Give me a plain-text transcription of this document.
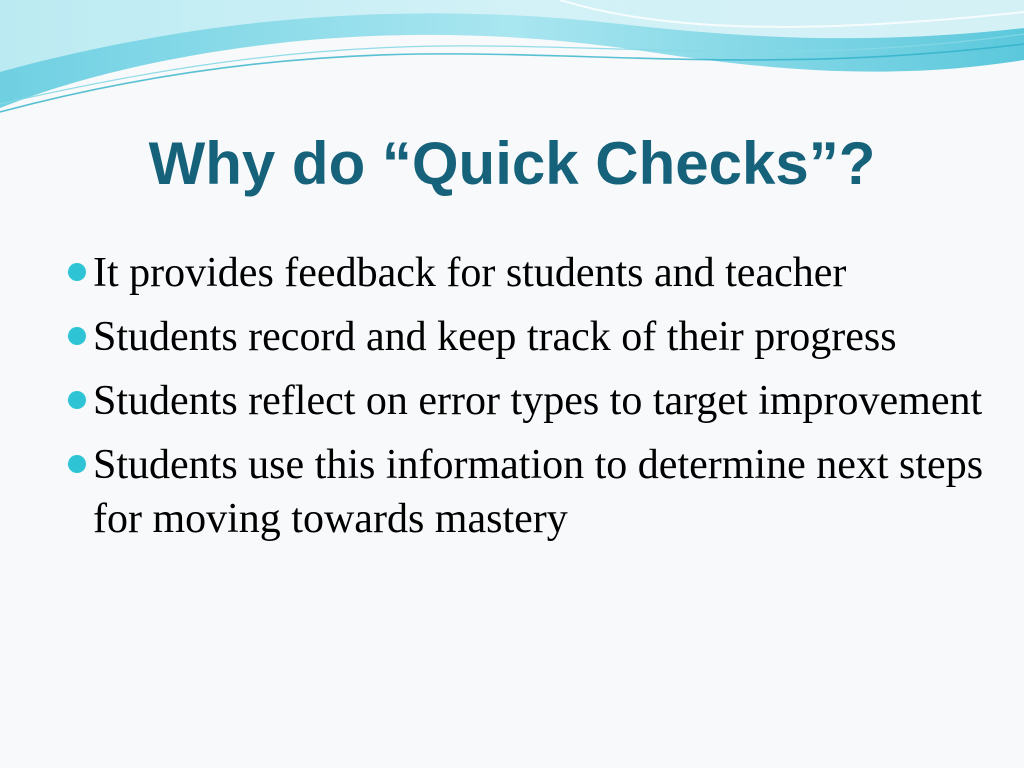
Why do “Quick Checks”?
It provides feedback for students and teacher
Students record and keep track of their progress
Students reflect on error types to target improvement
Students use this information to determine next steps for moving towards mastery
